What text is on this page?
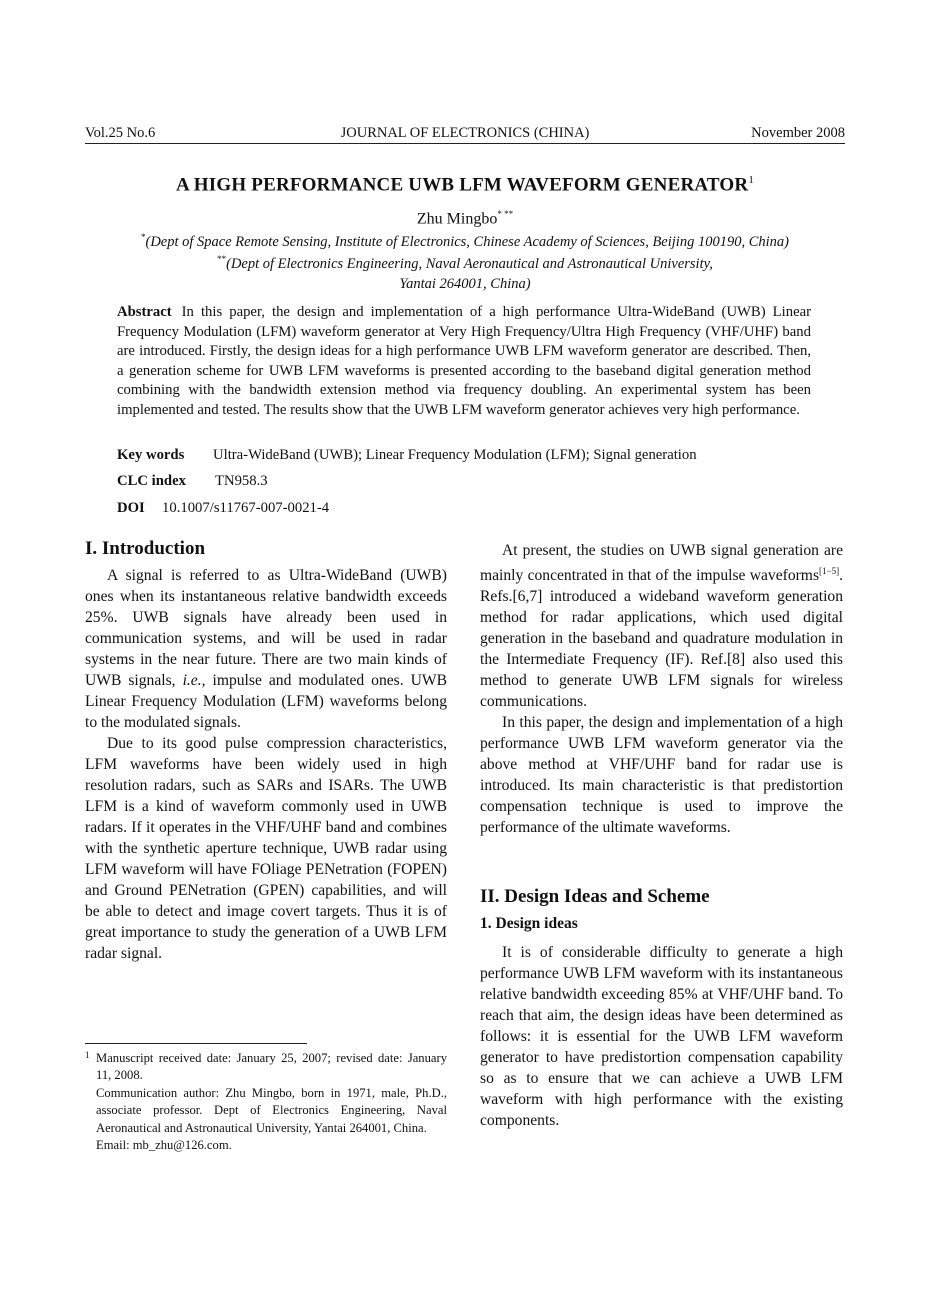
Vol.25 No.6	JOURNAL OF ELECTRONICS (CHINA)	November 2008
A HIGH PERFORMANCE UWB LFM WAVEFORM GENERATOR$^1$
Zhu Mingbo* **
*(Dept of Space Remote Sensing, Institute of Electronics, Chinese Academy of Sciences, Beijing 100190, China)
**(Dept of Electronics Engineering, Naval Aeronautical and Astronautical University,
Yantai 264001, China)
Abstract In this paper, the design and implementation of a high performance Ultra-WideBand (UWB) Linear Frequency Modulation (LFM) waveform generator at Very High Frequency/Ultra High Frequency (VHF/UHF) band are introduced. Firstly, the design ideas for a high performance UWB LFM waveform generator are described. Then, a generation scheme for UWB LFM waveforms is presented according to the baseband digital generation method combining with the bandwidth extension method via frequency doubling. An experimental system has been implemented and tested. The results show that the UWB LFM waveform generator achieves very high performance.
Key words Ultra-WideBand (UWB); Linear Frequency Modulation (LFM); Signal generation
CLC index TN958.3
DOI 10.1007/s11767-007-0021-4
I. Introduction

A signal is referred to as Ultra-WideBand (UWB) ones when its instantaneous relative bandwidth exceeds 25%. UWB signals have already been used in communication systems, and will be used in radar systems in the near future. There are two main kinds of UWB signals, i.e., impulse and modulated ones. UWB Linear Frequency Modulation (LFM) waveforms belong to the modulated signals.

Due to its good pulse compression characteristics, LFM waveforms have been widely used in high resolution radars, such as SARs and ISARs. The UWB LFM is a kind of waveform commonly used in UWB radars. If it operates in the VHF/UHF band and combines with the synthetic aperture technique, UWB radar using LFM waveform will have FOliage PENetration (FOPEN) and Ground PENetration (GPEN) capabilities, and will be able to detect and image covert targets. Thus it is of great importance to study the generation of a UWB LFM radar signal.

1 Manuscript received date: January 25, 2007; revised date: January 11, 2008.
Communication author: Zhu Mingbo, born in 1971, male, Ph.D., associate professor. Dept of Electronics Engineering, Naval Aeronautical and Astronautical University, Yantai 264001, China.
Email: mb_zhu@126.com.

At present, the studies on UWB signal generation are mainly concentrated in that of the impulse waveforms[1−5]. Refs.[6,7] introduced a wideband waveform generation method for radar applications, which used digital generation in the baseband and quadrature modulation in the Intermediate Frequency (IF). Ref.[8] also used this method to generate UWB LFM signals for wireless communications.

In this paper, the design and implementation of a high performance UWB LFM waveform generator via the above method at VHF/UHF band for radar use is introduced. Its main characteristic is that predistortion compensation technique is used to improve the performance of the ultimate waveforms.

II. Design Ideas and Scheme
1. Design ideas

It is of considerable difficulty to generate a high performance UWB LFM waveform with its instantaneous relative bandwidth exceeding 85% at VHF/UHF band. To reach that aim, the design ideas have been determined as follows: it is essential for the UWB LFM waveform generator to have predistortion compensation capability so as to ensure that we can achieve a UWB LFM waveform with high performance with the existing components.
